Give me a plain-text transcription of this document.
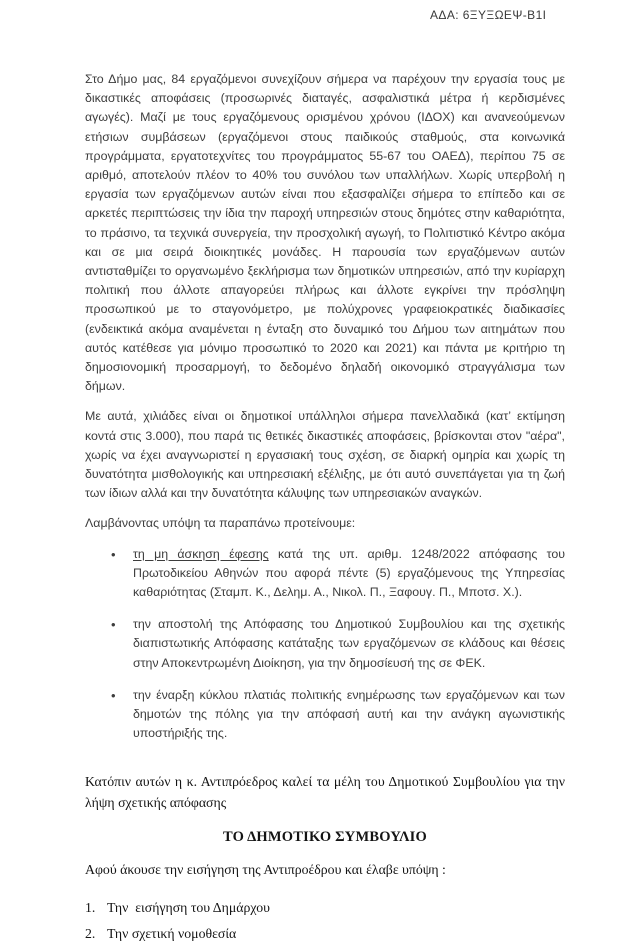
ΑΔΑ: 6ΞΥΞΩΕΨ-Β1Ι

Στο Δήμο μας, 84 εργαζόμενοι συνεχίζουν σήμερα να παρέχουν την εργασία τους με δικαστικές αποφάσεις (προσωρινές διαταγές, ασφαλιστικά μέτρα ή κερδισμένες αγωγές). Μαζί με τους εργαζόμενους ορισμένου χρόνου (ΙΔΟΧ) και ανανεούμενων ετήσιων συμβάσεων (εργαζόμενοι στους παιδικούς σταθμούς, στα κοινωνικά προγράμματα, εργατοτεχνίτες του προγράμματος 55-67 του ΟΑΕΔ), περίπου 75 σε αριθμό, αποτελούν πλέον το 40% του συνόλου των υπαλλήλων. Χωρίς υπερβολή η εργασία των εργαζόμενων αυτών είναι που εξασφαλίζει σήμερα το επίπεδο και σε αρκετές περιπτώσεις την ίδια την παροχή υπηρεσιών στους δημότες στην καθαριότητα, το πράσινο, τα τεχνικά συνεργεία, την προσχολική αγωγή, το Πολιτιστικό Κέντρο ακόμα και σε μια σειρά διοικητικές μονάδες. Η παρουσία των εργαζόμενων αυτών αντισταθμίζει το οργανωμένο ξεκλήρισμα των δημοτικών υπηρεσιών, από την κυρίαρχη πολιτική που άλλοτε απαγορεύει πλήρως και άλλοτε εγκρίνει την πρόσληψη προσωπικού με το σταγονόμετρο, με πολύχρονες γραφειοκρατικές διαδικασίες (ενδεικτικά ακόμα αναμένεται η ένταξη στο δυναμικό του Δήμου των αιτημάτων που αυτός κατέθεσε για μόνιμο προσωπικό το 2020 και 2021) και πάντα με κριτήριο τη δημοσιονομική προσαρμογή, το δεδομένο δηλαδή οικονομικό στραγγάλισμα των δήμων.

Με αυτά, χιλιάδες είναι οι δημοτικοί υπάλληλοι σήμερα πανελλαδικά (κατ’ εκτίμηση κοντά στις 3.000), που παρά τις θετικές δικαστικές αποφάσεις, βρίσκονται στον "αέρα", χωρίς να έχει αναγνωριστεί η εργασιακή τους σχέση, σε διαρκή ομηρία και χωρίς τη δυνατότητα μισθολογικής και υπηρεσιακή εξέλιξης, με ότι αυτό συνεπάγεται για τη ζωή των ίδιων αλλά και την δυνατότητα κάλυψης των υπηρεσιακών αναγκών.

Λαμβάνοντας υπόψη τα παραπάνω προτείνουμε:

• τη μη άσκηση έφεσης κατά της υπ. αριθμ. 1248/2022 απόφασης του Πρωτοδικείου Αθηνών που αφορά πέντε (5) εργαζόμενους της Υπηρεσίας καθαριότητας (Σταμπ. Κ., Δελημ. Α., Νικολ. Π., Ξαφουγ. Π., Μποτσ. Χ.).
• την αποστολή της Απόφασης του Δημοτικού Συμβουλίου και της σχετικής διαπιστωτικής Απόφασης κατάταξης των εργαζόμενων σε κλάδους και θέσεις στην Αποκεντρωμένη Διοίκηση, για την δημοσίευσή της σε ΦΕΚ.
• την έναρξη κύκλου πλατιάς πολιτικής ενημέρωσης των εργαζόμενων και των δημοτών της πόλης για την απόφασή αυτή και την ανάγκη αγωνιστικής υποστήριξής της.

Κατόπιν αυτών η κ. Αντιπρόεδρος καλεί τα μέλη του Δημοτικού Συμβουλίου για την λήψη σχετικής απόφασης

ΤΟ ΔΗΜΟΤΙΚΟ ΣΥΜΒΟΥΛΙΟ

Αφού άκουσε την εισήγηση της Αντιπροέδρου και έλαβε υπόψη :

1. Την  εισήγηση του Δημάρχου
2. Την σχετική νομοθεσία
